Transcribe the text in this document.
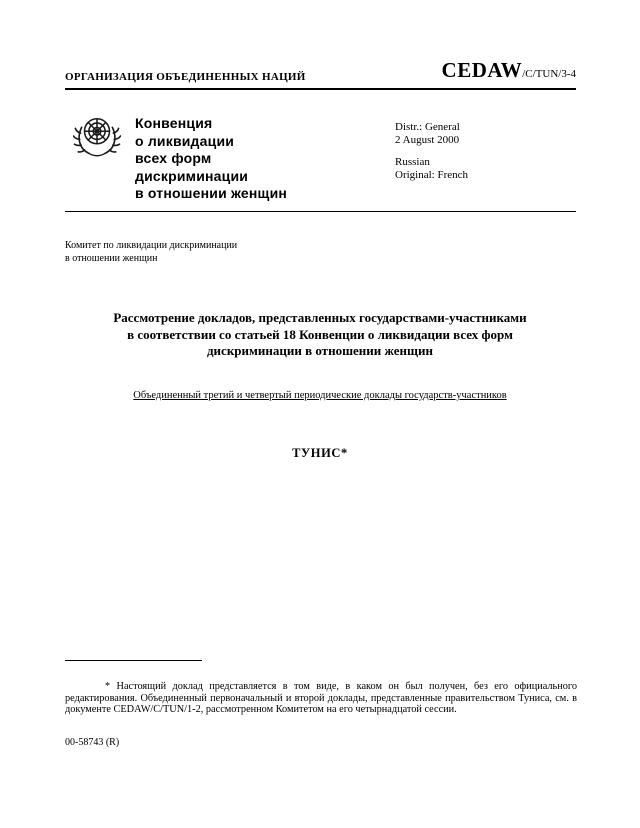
ОРГАНИЗАЦИЯ ОБЪЕДИНЕННЫХ НАЦИЙ	CEDAW/C/TUN/3-4
Конвенция
о ликвидации
всех форм
дискриминации
в отношении женщин
Distr.: General
2 August 2000
Russian
Original: French
Комитет по ликвидации дискриминации
в отношении женщин
Рассмотрение докладов, представленных государствами-участниками
в соответствии со статьей 18 Конвенции о ликвидации всех форм
дискриминации в отношении женщин
Объединенный третий и четвертый периодические доклады государств-участников
ТУНИС*
* Настоящий доклад представляется в том виде, в каком он был получен, без его официального редактирования. Объединенный первоначальный и второй доклады, представленные правительством Туниса, см. в документе CEDAW/C/TUN/1-2, рассмотренном Комитетом на его четырнадцатой сессии.
00-58743 (R)
